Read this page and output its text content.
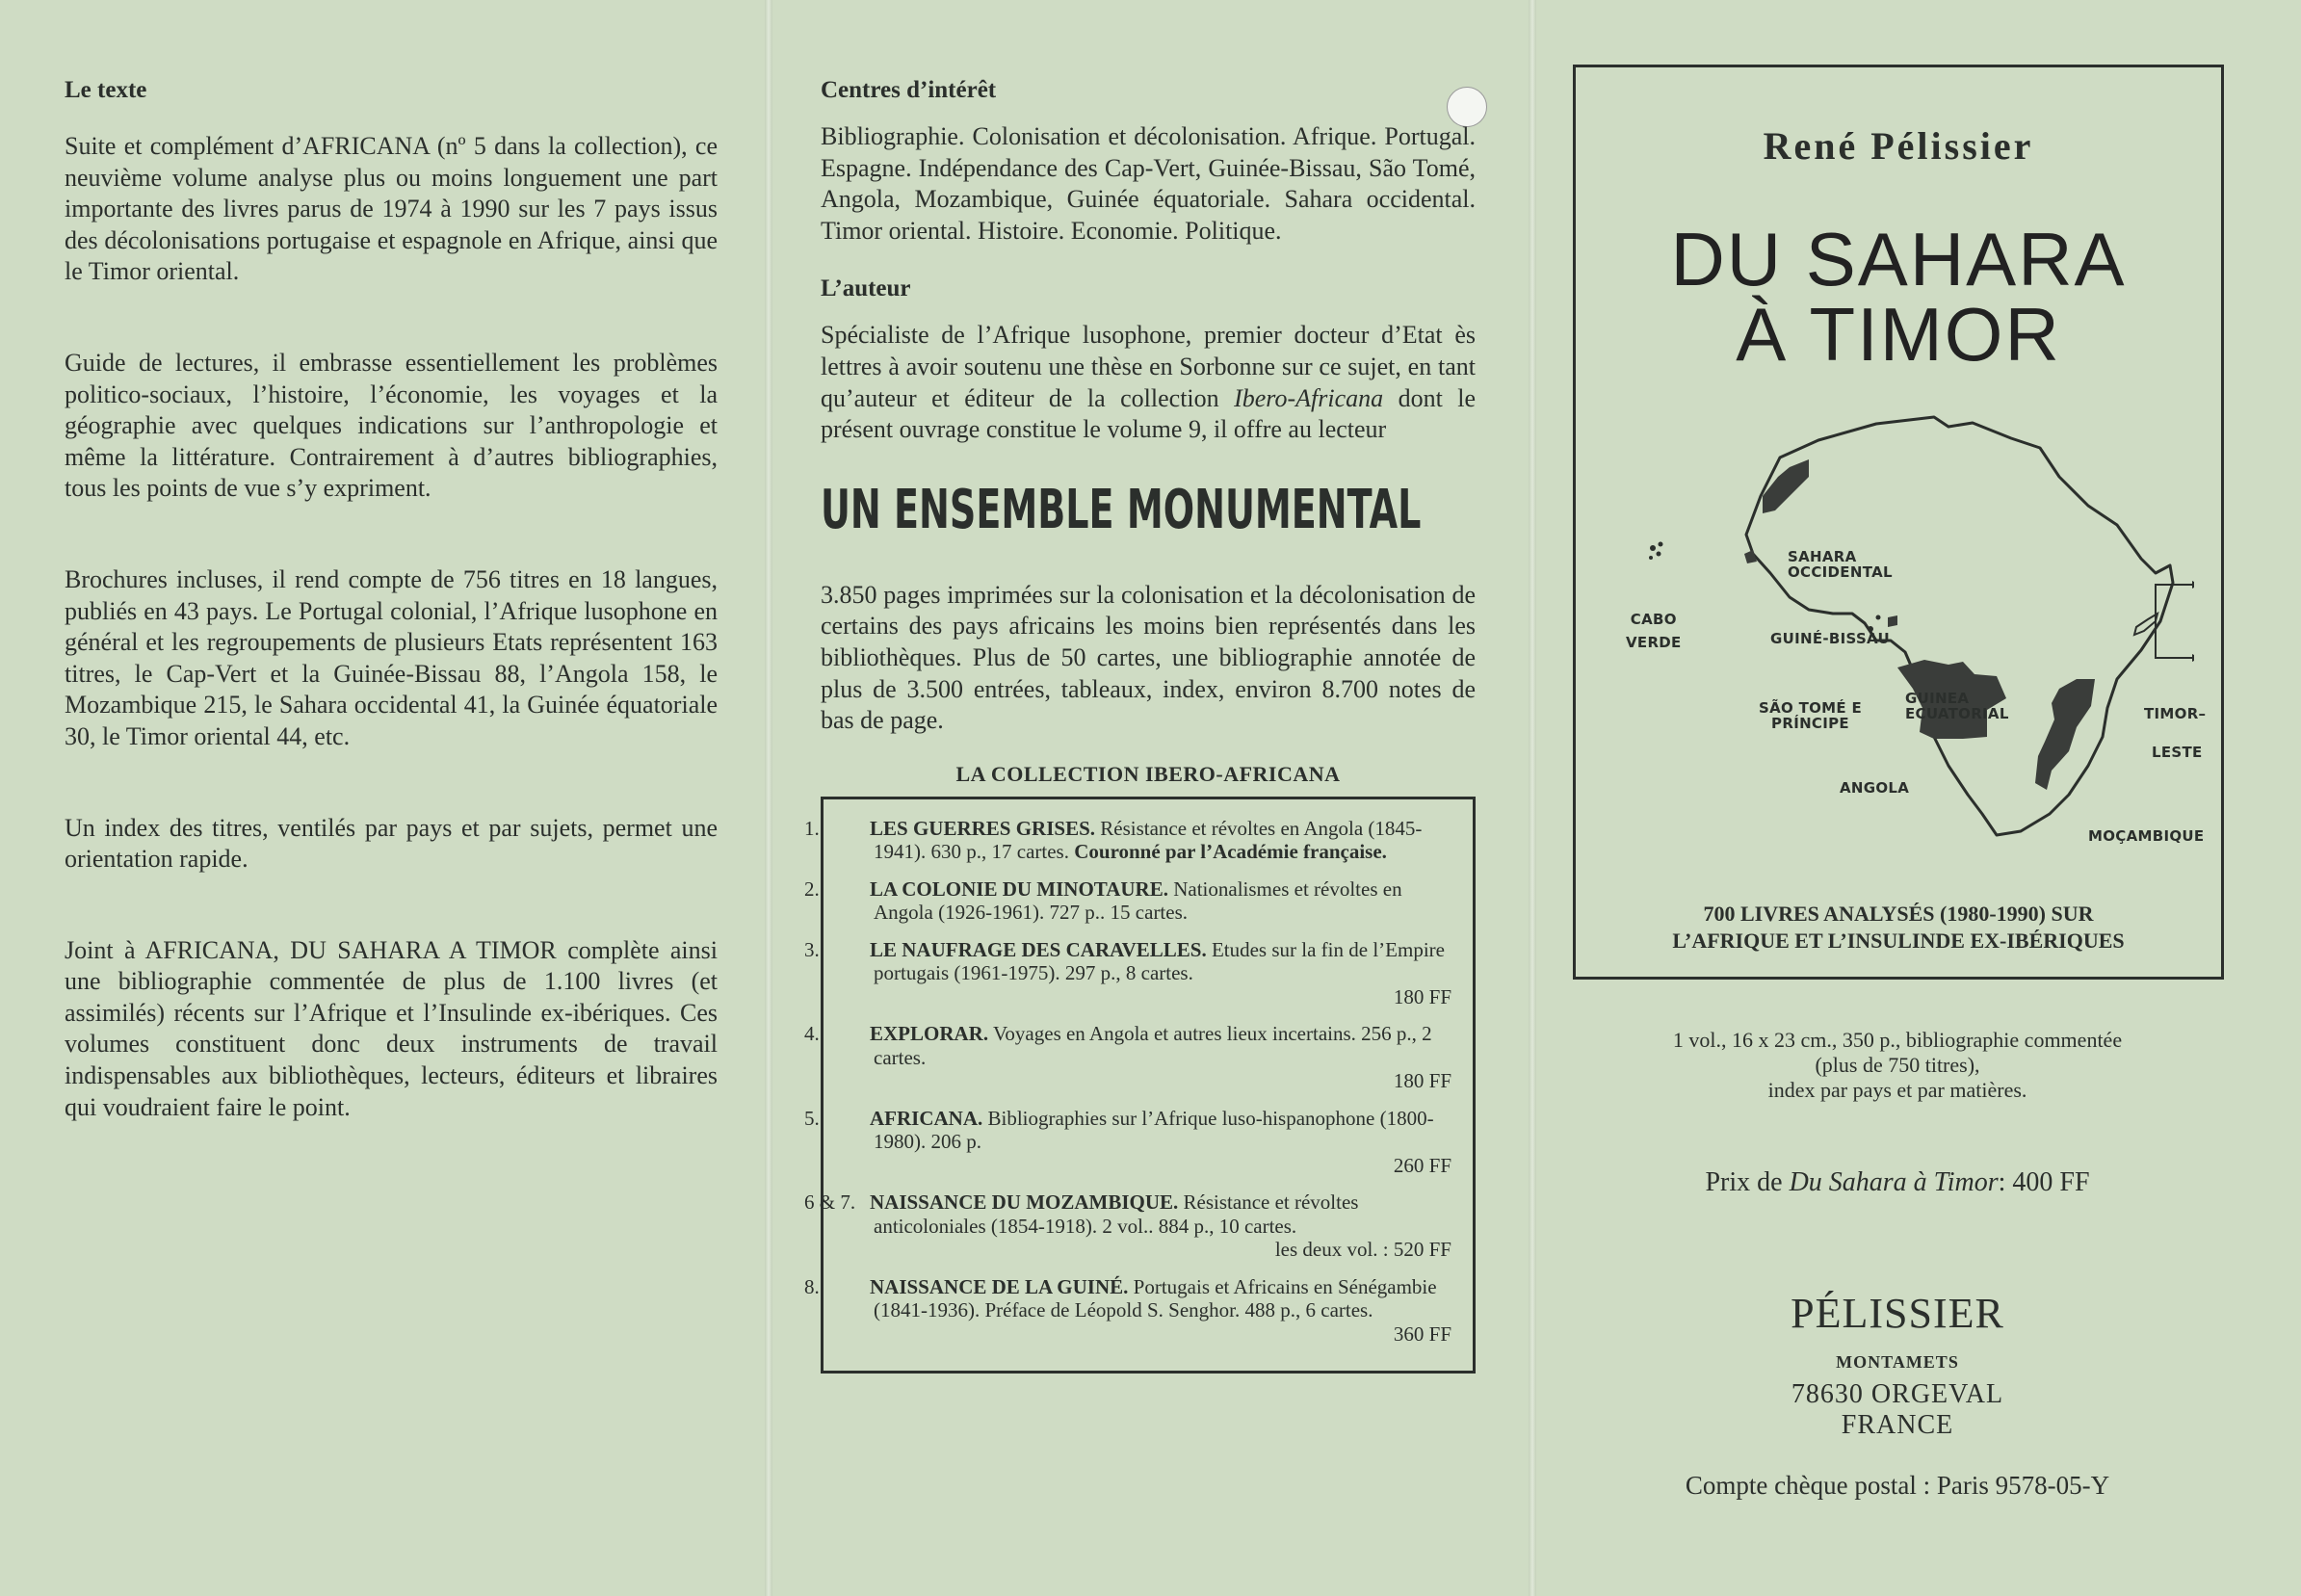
Le texte

Suite et complément d’AFRICANA (nº 5 dans la collection), ce neuvième volume analyse plus ou moins longuement une part importante des livres parus de 1974 à 1990 sur les 7 pays issus des décolonisations portugaise et espagnole en Afrique, ainsi que le Timor oriental.

Guide de lectures, il embrasse essentiellement les problèmes politico-sociaux, l’histoire, l’économie, les voyages et la géographie avec quelques indications sur l’anthropologie et même la littérature. Contrairement à d’autres bibliographies, tous les points de vue s’y expriment.

Brochures incluses, il rend compte de 756 titres en 18 langues, publiés en 43 pays. Le Portugal colonial, l’Afrique lusophone en général et les regroupements de plusieurs Etats représentent 163 titres, le Cap-Vert et la Guinée-Bissau 88, l’Angola 158, le Mozambique 215, le Sahara occidental 41, la Guinée équatoriale 30, le Timor oriental 44, etc.

Un index des titres, ventilés par pays et par sujets, permet une orientation rapide.

Joint à AFRICANA, DU SAHARA A TIMOR complète ainsi une bibliographie commentée de plus de 1.100 livres (et assimilés) récents sur l’Afrique et l’Insulinde ex-ibériques. Ces volumes constituent donc deux instruments de travail indispensables aux bibliothèques, lecteurs, éditeurs et libraires qui voudraient faire le point.

Centres d’intérêt

Bibliographie. Colonisation et décolonisation. Afrique. Portugal. Espagne. Indépendance des Cap-Vert, Guinée-Bissau, São Tomé, Angola, Mozambique, Guinée équatoriale. Sahara occidental. Timor oriental. Histoire. Economie. Politique.

L’auteur

Spécialiste de l’Afrique lusophone, premier docteur d’Etat ès lettres à avoir soutenu une thèse en Sorbonne sur ce sujet, en tant qu’auteur et éditeur de la collection Ibero-Africana dont le présent ouvrage constitue le volume 9, il offre au lecteur

UN ENSEMBLE MONUMENTAL

3.850 pages imprimées sur la colonisation et la décolonisation de certains des pays africains les moins bien représentés dans les bibliothèques. Plus de 50 cartes, une bibliographie annotée de plus de 3.500 entrées, tableaux, index, environ 8.700 notes de bas de page.

LA COLLECTION IBERO-AFRICANA
1. LES GUERRES GRISES. Résistance et révoltes en Angola (1845-1941). 630 p., 17 cartes. Couronné par l’Académie française.
2. LA COLONIE DU MINOTAURE. Nationalismes et révoltes en Angola (1926-1961). 727 p.. 15 cartes.
3. LE NAUFRAGE DES CARAVELLES. Etudes sur la fin de l’Empire portugais (1961-1975). 297 p., 8 cartes.
180 FF
4. EXPLORAR. Voyages en Angola et autres lieux incertains. 256 p., 2 cartes.
180 FF
5. AFRICANA. Bibliographies sur l’Afrique luso-hispanophone (1800-1980). 206 p.
260 FF
6 & 7. NAISSANCE DU MOZAMBIQUE. Résistance et révoltes anticoloniales (1854-1918). 2 vol.. 884 p., 10 cartes.
les deux vol. : 520 FF
8. NAISSANCE DE LA GUINÉ. Portugais et Africains en Sénégambie (1841-1936). Préface de Léopold S. Senghor. 488 p., 6 cartes.
360 FF
René Pélissier
DU SAHARA
À TIMOR
SAHARA
OCCIDENTAL
CABO
VERDE	GUINÉ-BISSAU
SÃO TOMÉ E
PRÍNCIPE
GUINEA
ECUATORIAL
ANGOLA
MOÇAMBIQUE
TIMOR–
LESTE
700 LIVRES ANALYSÉS (1980-1990) SUR
L’AFRIQUE ET L’INSULINDE EX-IBÉRIQUES
1 vol., 16 x 23 cm., 350 p., bibliographie commentée
(plus de 750 titres),
index par pays et par matières.
Prix de Du Sahara à Timor: 400 FF
PÉLISSIER
MONTAMETS
78630 ORGEVAL
FRANCE
Compte chèque postal : Paris 9578-05-Y
